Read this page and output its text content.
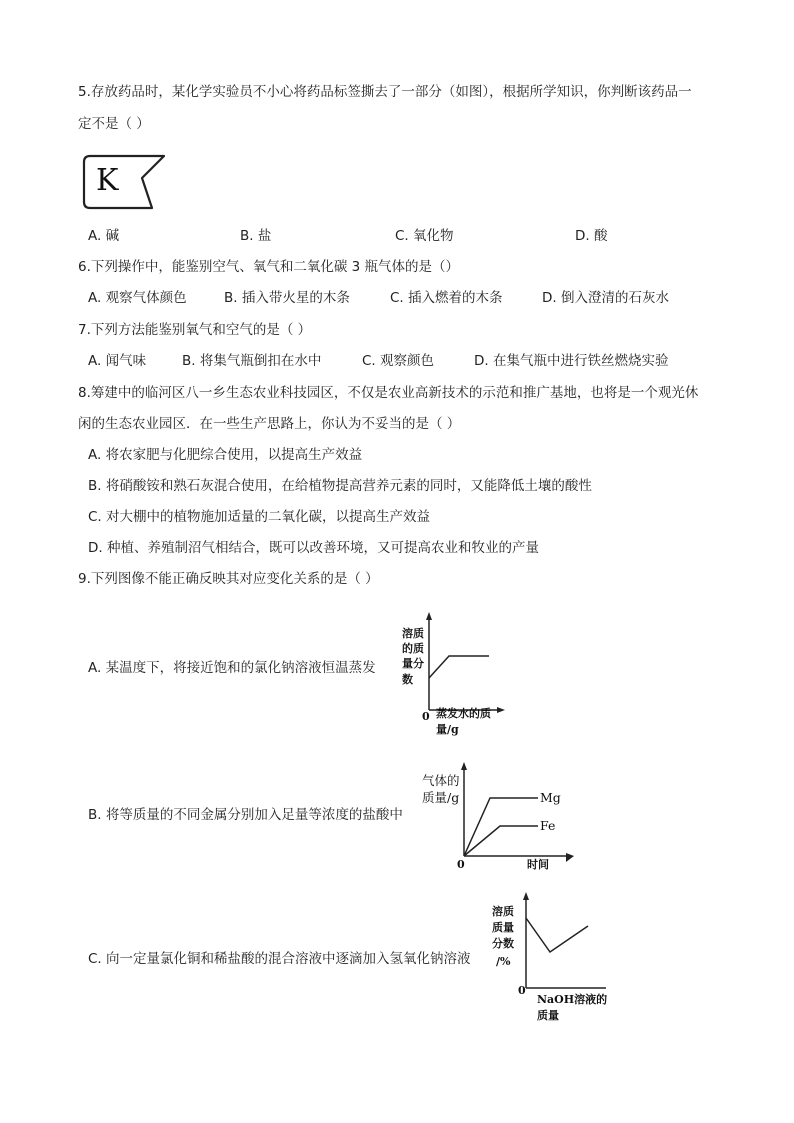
5.存放药品时，某化学实验员不小心将药品标签撕去了一部分（如图），根据所学知识，你判断该药品一
定不是（ ）
K
A. 碱	B. 盐	C. 氧化物	D. 酸
6.下列操作中，能鉴别空气、氧气和二氧化碳 3 瓶气体的是（）
A. 观察气体颜色	B. 插入带火星的木条	C. 插入燃着的木条	D. 倒入澄清的石灰水
7.下列方法能鉴别氧气和空气的是（ ）
A. 闻气味	B. 将集气瓶倒扣在水中	C. 观察颜色	D. 在集气瓶中进行铁丝燃烧实验
8.筹建中的临河区八一乡生态农业科技园区，不仅是农业高新技术的示范和推广基地，也将是一个观光休
闲的生态农业园区．在一些生产思路上，你认为不妥当的是（ ）
A. 将农家肥与化肥综合使用，以提高生产效益
B. 将硝酸铵和熟石灰混合使用，在给植物提高营养元素的同时，又能降低土壤的酸性
C. 对大棚中的植物施加适量的二氧化碳，以提高生产效益
D. 种植、养殖制沼气相结合，既可以改善环境，又可提高农业和牧业的产量
9.下列图像不能正确反映其对应变化关系的是（ ）
A. 某温度下，将接近饱和的氯化钠溶液恒温蒸发
溶质
的质
量分
数
0 蒸发水的质
量/g
B. 将等质量的不同金属分别加入足量等浓度的盐酸中
气体的
质量/g
0	时间
Mg
Fe
C. 向一定量氯化铜和稀盐酸的混合溶液中逐滴加入氢氧化钠溶液
溶质
质量
分数
/%
0
NaOH溶液的
质量
